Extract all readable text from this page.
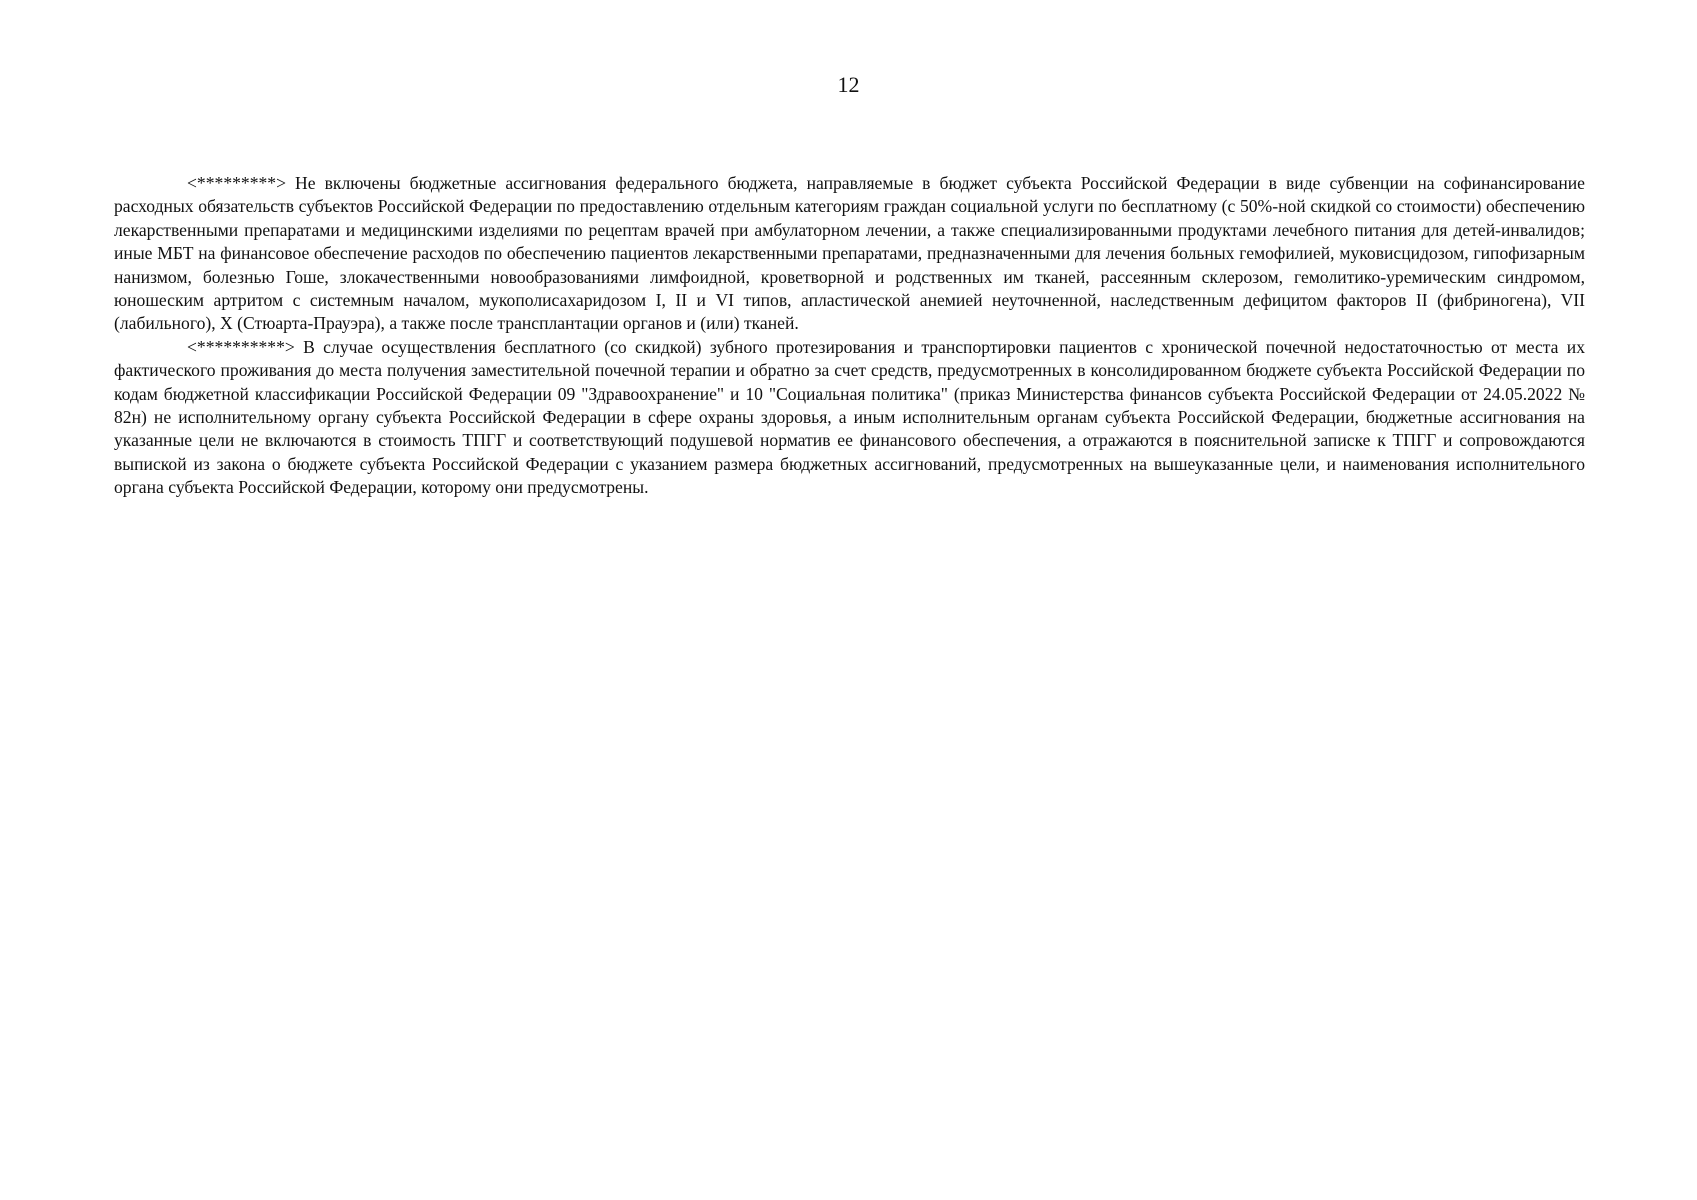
12

<*********> Не включены бюджетные ассигнования федерального бюджета, направляемые в бюджет субъекта Российской Федерации в виде субвенции на софинансирование расходных обязательств субъектов Российской Федерации по предоставлению отдельным категориям граждан социальной услуги по бесплатному (с 50%-ной скидкой со стоимости) обеспечению лекарственными препаратами и медицинскими изделиями по рецептам врачей при амбулаторном лечении, а также специализированными продуктами лечебного питания для детей-инвалидов; иные МБТ на финансовое обеспечение расходов по обеспечению пациентов лекарственными препаратами, предназначенными для лечения больных гемофилией, муковисцидозом, гипофизарным нанизмом, болезнью Гоше, злокачественными новообразованиями лимфоидной, кроветворной и родственных им тканей, рассеянным склерозом, гемолитико-уремическим синдромом, юношеским артритом с системным началом, мукополисахаридозом I, II и VI типов, апластической анемией неуточненной, наследственным дефицитом факторов II (фибриногена), VII (лабильного), X (Стюарта-Прауэра), а также после трансплантации органов и (или) тканей.

<**********> В случае осуществления бесплатного (со скидкой) зубного протезирования и транспортировки пациентов с хронической почечной недостаточностью от места их фактического проживания до места получения заместительной почечной терапии и обратно за счет средств, предусмотренных в консолидированном бюджете субъекта Российской Федерации по кодам бюджетной классификации Российской Федерации 09 "Здравоохранение" и 10 "Социальная политика" (приказ Министерства финансов субъекта Российской Федерации от 24.05.2022 № 82н) не исполнительному органу субъекта Российской Федерации в сфере охраны здоровья, а иным исполнительным органам субъекта Российской Федерации, бюджетные ассигнования на указанные цели не включаются в стоимость ТПГГ и соответствующий подушевой норматив ее финансового обеспечения, а отражаются в пояснительной записке к ТПГГ и сопровождаются выпиской из закона о бюджете субъекта Российской Федерации с указанием размера бюджетных ассигнований, предусмотренных на вышеуказанные цели, и наименования исполнительного органа субъекта Российской Федерации, которому они предусмотрены.
